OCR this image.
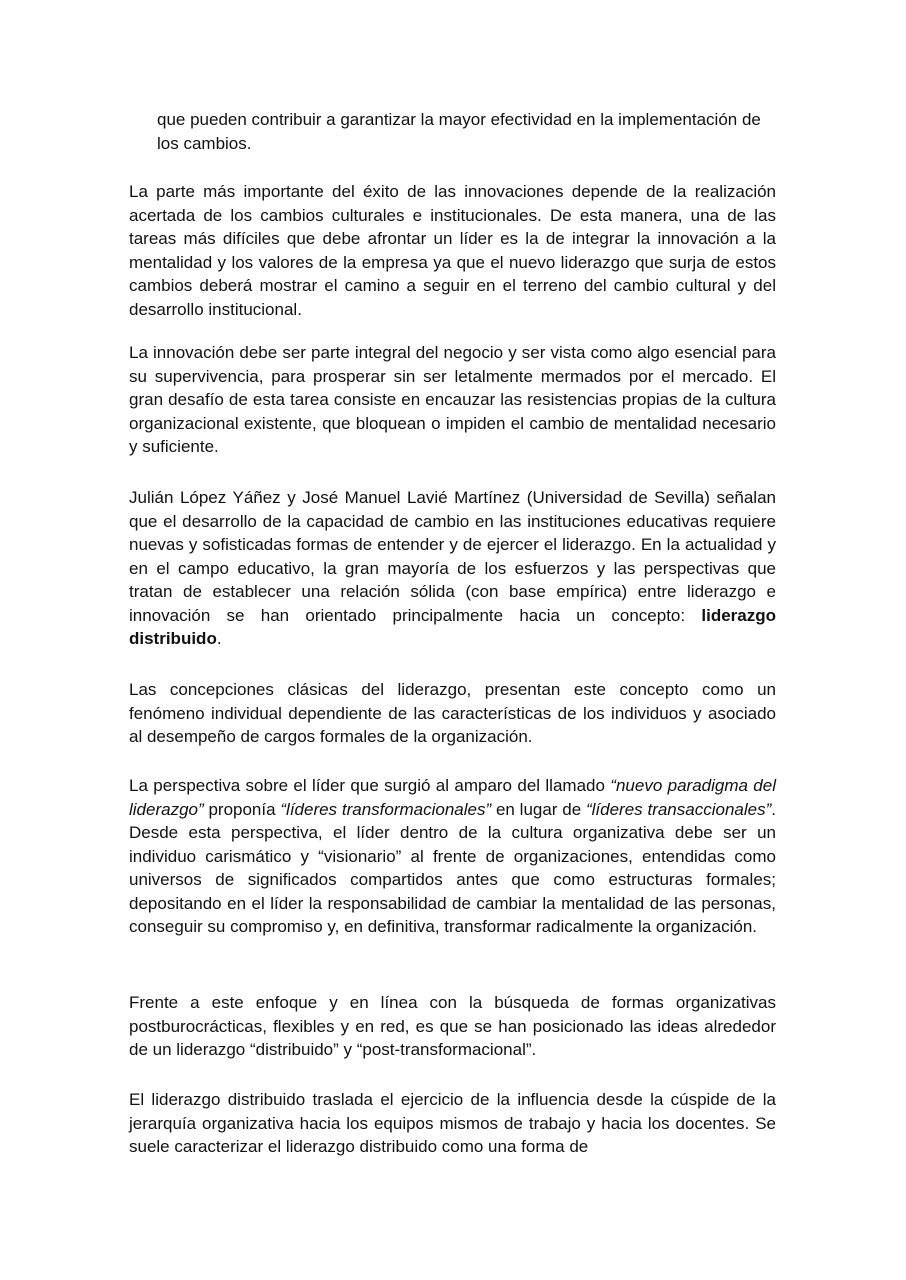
que pueden contribuir a garantizar la mayor efectividad en la implementación de los cambios.

La parte más importante del éxito de las innovaciones depende de la realización acertada de los cambios culturales e institucionales. De esta manera, una de las tareas más difíciles que debe afrontar un líder es la de integrar la innovación a la mentalidad y los valores de la empresa ya que el nuevo liderazgo que surja de estos cambios deberá mostrar el camino a seguir en el terreno del cambio cultural y del desarrollo institucional.

La innovación debe ser parte integral del negocio y ser vista como algo esencial para su supervivencia, para prosperar sin ser letalmente mermados por el mercado. El gran desafío de esta tarea consiste en encauzar las resistencias propias de la cultura organizacional existente, que bloquean o impiden el cambio de mentalidad necesario y suficiente.

Julián López Yáñez y José Manuel Lavié Martínez (Universidad de Sevilla) señalan que el desarrollo de la capacidad de cambio en las instituciones educativas requiere nuevas y sofisticadas formas de entender y de ejercer el liderazgo. En la actualidad y en el campo educativo, la gran mayoría de los esfuerzos y las perspectivas que tratan de establecer una relación sólida (con base empírica) entre liderazgo e innovación se han orientado principalmente hacia un concepto: liderazgo distribuido.

Las concepciones clásicas del liderazgo, presentan este concepto como un fenómeno individual dependiente de las características de los individuos y asociado al desempeño de cargos formales de la organización.

La perspectiva sobre el líder que surgió al amparo del llamado “nuevo paradigma del liderazgo” proponía “líderes transformacionales” en lugar de “líderes transaccionales”. Desde esta perspectiva, el líder dentro de la cultura organizativa debe ser un individuo carismático y “visionario” al frente de organizaciones, entendidas como universos de significados compartidos antes que como estructuras formales; depositando en el líder la responsabilidad de cambiar la mentalidad de las personas, conseguir su compromiso y, en definitiva, transformar radicalmente la organización.

Frente a este enfoque y en línea con la búsqueda de formas organizativas postburocrácticas, flexibles y en red, es que se han posicionado las ideas alrededor de un liderazgo “distribuido” y “post-transformacional”.

El liderazgo distribuido traslada el ejercicio de la influencia desde la cúspide de la jerarquía organizativa hacia los equipos mismos de trabajo y hacia los docentes. Se suele caracterizar el liderazgo distribuido como una forma de
